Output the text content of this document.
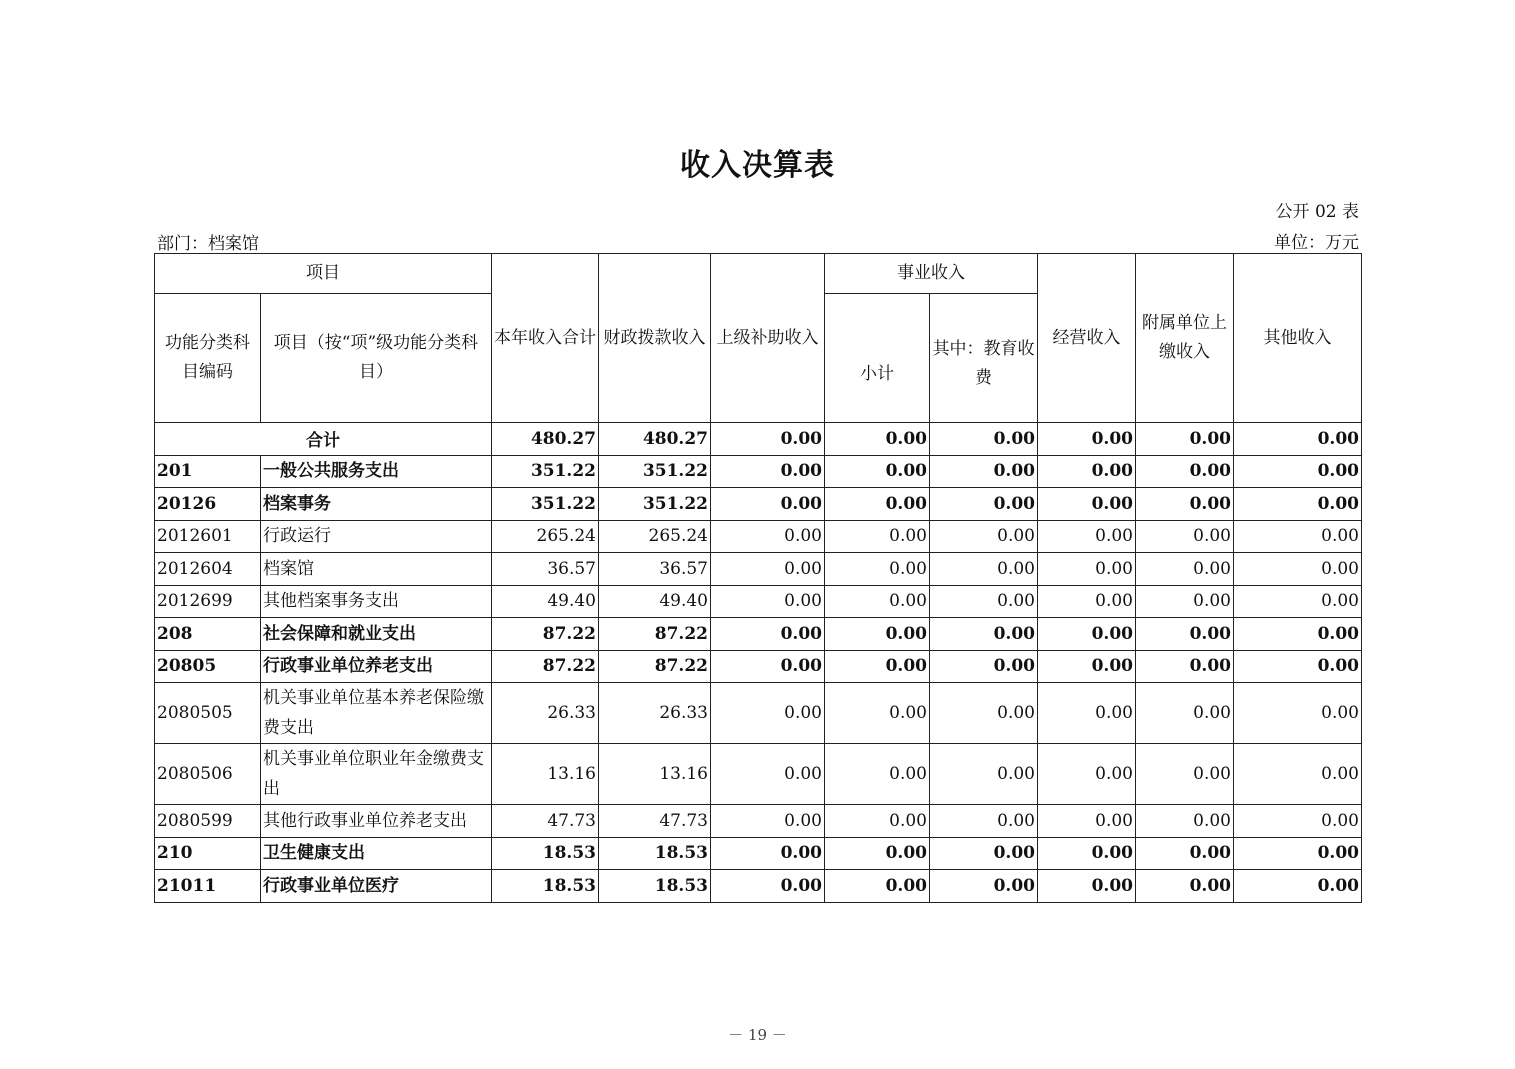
收入决算表
公开 02 表
部门：档案馆	单位：万元
项目		本年收入合计	财政拨款收入	上级补助收入	事业收入		经营收入	附属单位上缴收入	其他收入
功能分类科目编码	项目（按“项”级功能分类科目）				小计	其中：教育收费			
合计		480.27	480.27	0.00	0.00	0.00	0.00	0.00	0.00
201	一般公共服务支出	351.22	351.22	0.00	0.00	0.00	0.00	0.00	0.00
20126	档案事务	351.22	351.22	0.00	0.00	0.00	0.00	0.00	0.00
2012601	行政运行	265.24	265.24	0.00	0.00	0.00	0.00	0.00	0.00
2012604	档案馆	36.57	36.57	0.00	0.00	0.00	0.00	0.00	0.00
2012699	其他档案事务支出	49.40	49.40	0.00	0.00	0.00	0.00	0.00	0.00
208	社会保障和就业支出	87.22	87.22	0.00	0.00	0.00	0.00	0.00	0.00
20805	行政事业单位养老支出	87.22	87.22	0.00	0.00	0.00	0.00	0.00	0.00
2080505	机关事业单位基本养老保险缴费支出	26.33	26.33	0.00	0.00	0.00	0.00	0.00	0.00
2080506	机关事业单位职业年金缴费支出	13.16	13.16	0.00	0.00	0.00	0.00	0.00	0.00
2080599	其他行政事业单位养老支出	47.73	47.73	0.00	0.00	0.00	0.00	0.00	0.00
210	卫生健康支出	18.53	18.53	0.00	0.00	0.00	0.00	0.00	0.00
21011	行政事业单位医疗	18.53	18.53	0.00	0.00	0.00	0.00	0.00	0.00
－ 19 －
